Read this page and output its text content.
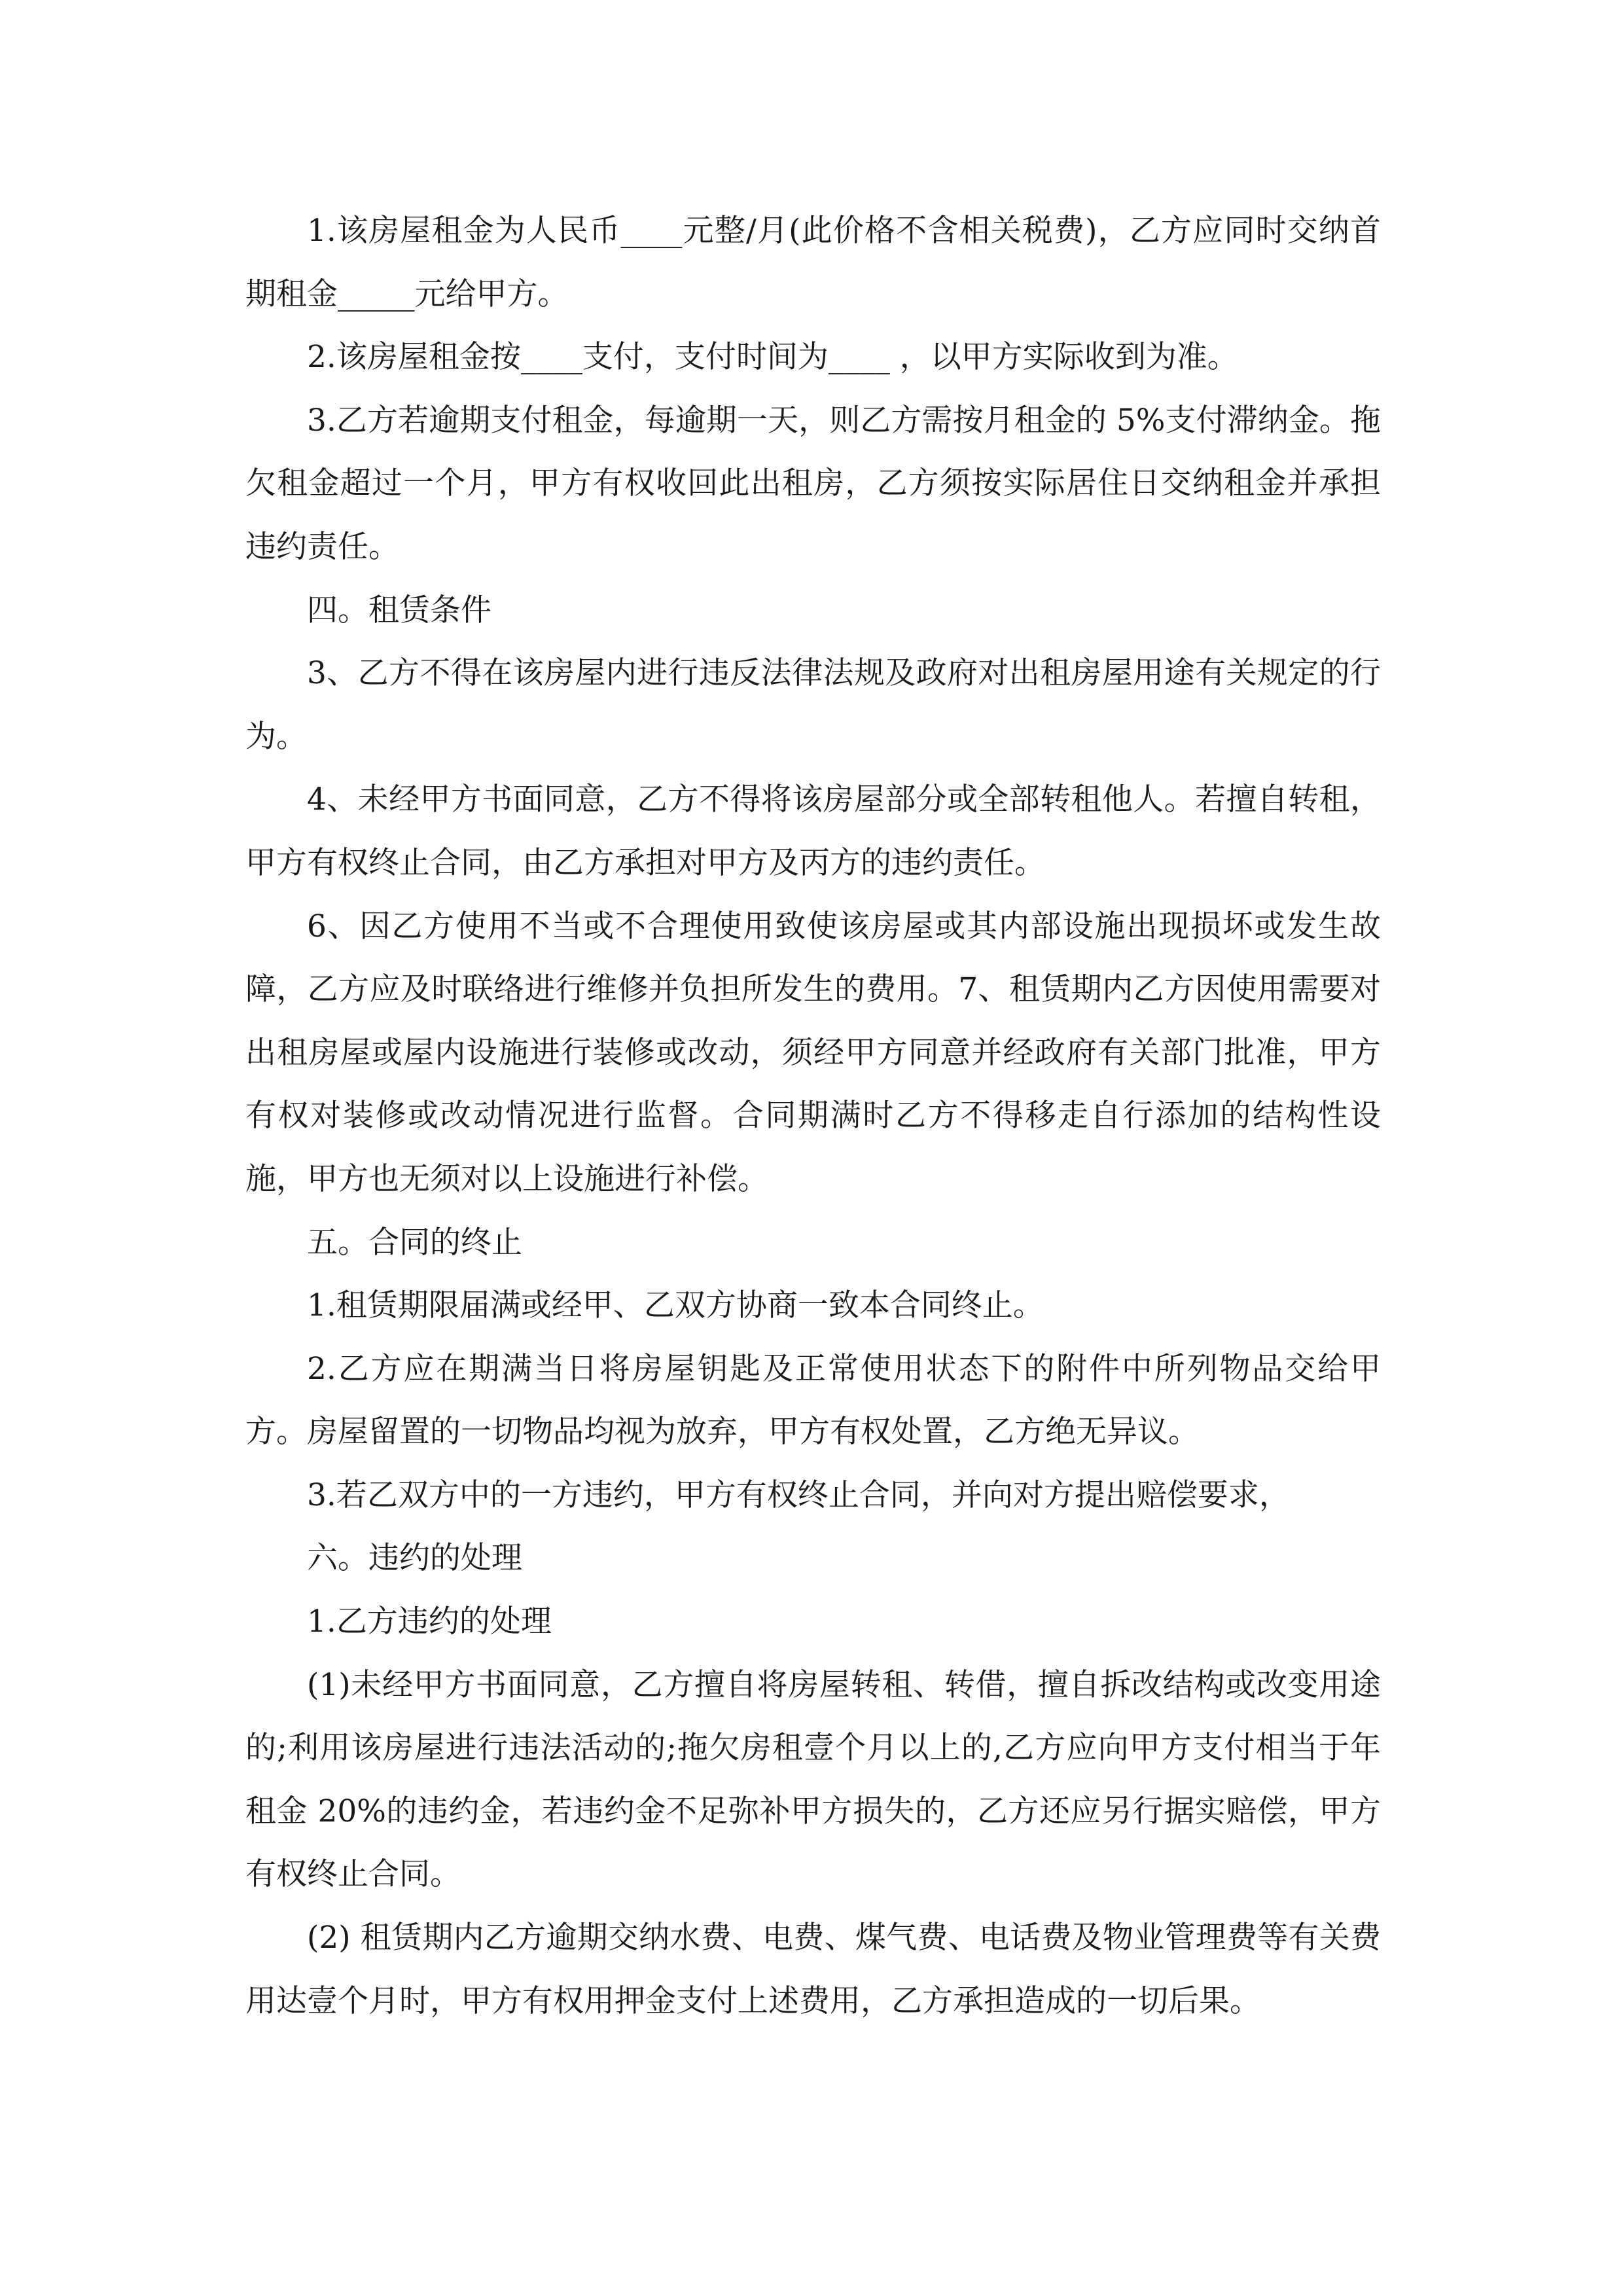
1.该房屋租金为人民币____元整/月(此价格不含相关税费)，乙方应同时交纳首期租金_____元给甲方。

2.该房屋租金按____支付，支付时间为____ ，以甲方实际收到为准。

3.乙方若逾期支付租金，每逾期一天，则乙方需按月租金的 5%支付滞纳金。拖欠租金超过一个月，甲方有权收回此出租房，乙方须按实际居住日交纳租金并承担违约责任。

四。租赁条件

3、乙方不得在该房屋内进行违反法律法规及政府对出租房屋用途有关规定的行为。

4、未经甲方书面同意，乙方不得将该房屋部分或全部转租他人。若擅自转租，甲方有权终止合同，由乙方承担对甲方及丙方的违约责任。

6、因乙方使用不当或不合理使用致使该房屋或其内部设施出现损坏或发生故障，乙方应及时联络进行维修并负担所发生的费用。7、租赁期内乙方因使用需要对出租房屋或屋内设施进行装修或改动，须经甲方同意并经政府有关部门批准，甲方有权对装修或改动情况进行监督。合同期满时乙方不得移走自行添加的结构性设施，甲方也无须对以上设施进行补偿。

五。合同的终止

1.租赁期限届满或经甲、乙双方协商一致本合同终止。

2.乙方应在期满当日将房屋钥匙及正常使用状态下的附件中所列物品交给甲方。房屋留置的一切物品均视为放弃，甲方有权处置，乙方绝无异议。

3.若乙双方中的一方违约，甲方有权终止合同，并向对方提出赔偿要求，

六。违约的处理

1.乙方违约的处理

(1)未经甲方书面同意，乙方擅自将房屋转租、转借，擅自拆改结构或改变用途的;利用该房屋进行违法活动的;拖欠房租壹个月以上的,乙方应向甲方支付相当于年租金 20%的违约金，若违约金不足弥补甲方损失的，乙方还应另行据实赔偿，甲方有权终止合同。

(2) 租赁期内乙方逾期交纳水费、电费、煤气费、电话费及物业管理费等有关费用达壹个月时，甲方有权用押金支付上述费用，乙方承担造成的一切后果。
